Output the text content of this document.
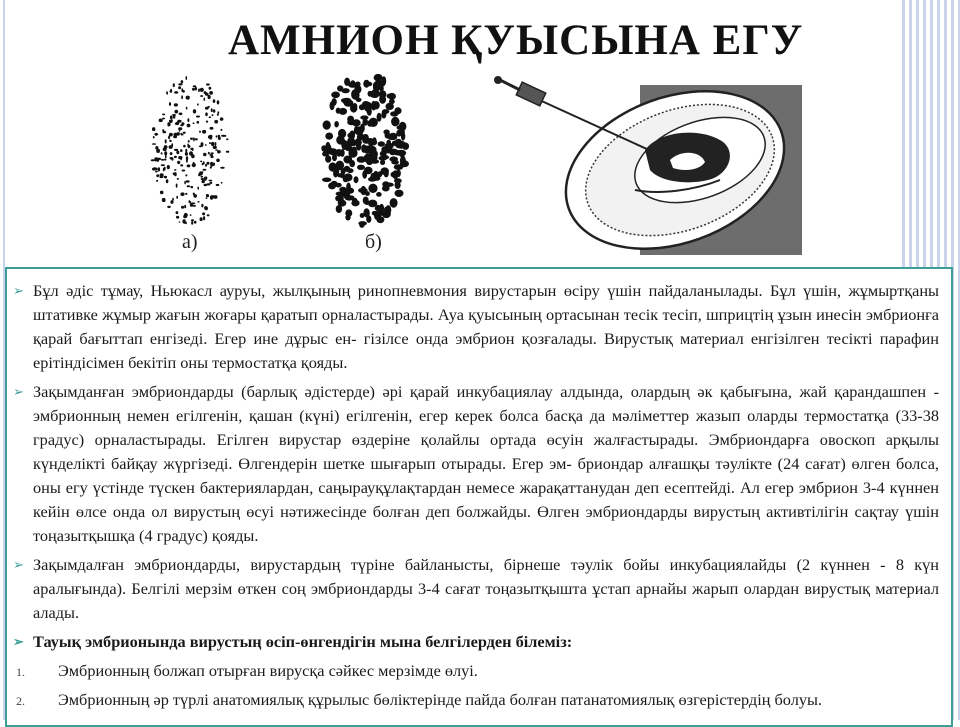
АМНИОН ҚУЫСЫНА ЕГУ
а)	б)

➢ Бұл әдіс тұмау, Ньюкасл ауруы, жылқының ринопневмония вирустарын өсіру үшін пайдаланылады. Бұл үшін, жұмыртқаны штативке жұмыр жағын жоғары қаратып орналастырады. Ауа қуысының ортасынан тесік тесіп, шприцтің ұзын инесін эмбрионға қарай бағыттап енгізеді. Егер ине дұрыс ен- гізілсе онда эмбрион қозғалады. Вирустық материал енгізілген тесікті парафин ерітіндісімен бекітіп оны термостатқа қояды.

➢ Зақымданған эмбриондарды (барлық әдістерде) әрі қарай инкубациялау алдында, олардың әк қабығына, жай қарандашпен - эмбрионның немен егілгенін, қашан (күні) егілгенін, егер керек болса басқа да мәліметтер жазып оларды термостатқа (33-38 градус) орналастырады. Егілген вирустар өздеріне қолайлы ортада өсуін жалғастырады. Эмбриондарға овоскоп арқылы күнделікті байқау жүргізеді. Өлгендерін шетке шығарып отырады. Егер эм- бриондар алғашқы тәулікте (24 сағат) өлген болса, оны егу үстінде түскен бактериялардан, саңырауқұлақтардан немесе жарақаттанудан деп есептейді. Ал егер эмбрион 3-4 күннен кейін өлсе онда ол вирустың өсуі нәтижесінде болған деп болжайды. Өлген эмбриондарды вирустың активтілігін сақтау үшін тоңазытқышқа (4 градус) қояды.

➢ Зақымдалған эмбриондарды, вирустардың түріне байланысты, бірнеше тәулік бойы инкубациялайды (2 күннен - 8 күн аралығында). Белгілі мерзім өткен соң эмбриондарды 3-4 сағат тоңазытқышта ұстап арнайы жарып олардан вирустық материал алады.

➢ Тауық эмбрионында вирустың өсіп-өнгендігін мына белгілерден білеміз:

1. Эмбрионның болжап отырған вирусқа сәйкес мерзімде өлуі.

2. Эмбрионның әр түрлі анатомиялық құрылыс бөліктерінде пайда болған патанатомиялық өзгерістердің болуы.
